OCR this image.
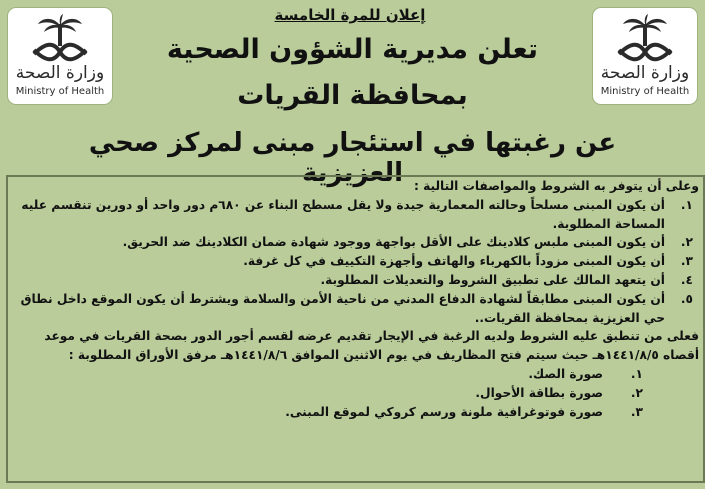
وزارة الصحة
Ministry of Health
وزارة الصحة
Ministry of Health
إعلان للمرة الخامسة
تعلن مديرية الشؤون الصحية
بمحافظة القريات
عن رغبتها في استئجار مبنى لمركز صحي العزيزية وعلى أن يتوفر به الشروط والمواصفات التالية :
١.
أن يكون المبنى مسلحاً وحالته المعمارية جيدة ولا يقل مسطح البناء عن ٦٨٠م دور واحد أو دورين تنقسم عليه المساحة المطلوبة.
٢.
أن يكون المبنى ملبس كلادينك على الأقل بواجهة ووجود شهادة ضمان الكلادينك ضد الحريق.
٣.
أن يكون المبنى مزوداً بالكهرباء والهاتف وأجهزة التكييف في كل غرفة.
٤.
أن يتعهد المالك على تطبيق الشروط والتعديلات المطلوبة.
٥.
أن يكون المبنى مطابقاً لشهادة الدفاع المدني من ناحية الأمن والسلامة ويشترط أن يكون الموقع داخل نطاق حي العزيزية بمحافظة القريات..
فعلى من تنطبق عليه الشروط ولديه الرغبة في الإيجار تقديم عرضه لقسم أجور الدور بصحة القريات في موعد
أقصاه ١٤٤١/٨/٥هـ حيث سيتم فتح المظاريف في يوم الاثنين الموافق ١٤٤١/٨/٦هـ مرفق الأوراق المطلوبة :
١.
صورة الصك.
٢.
صورة بطاقة الأحوال.
٣.
صورة فوتوغرافية ملونة ورسم كروكي لموقع المبنى.
